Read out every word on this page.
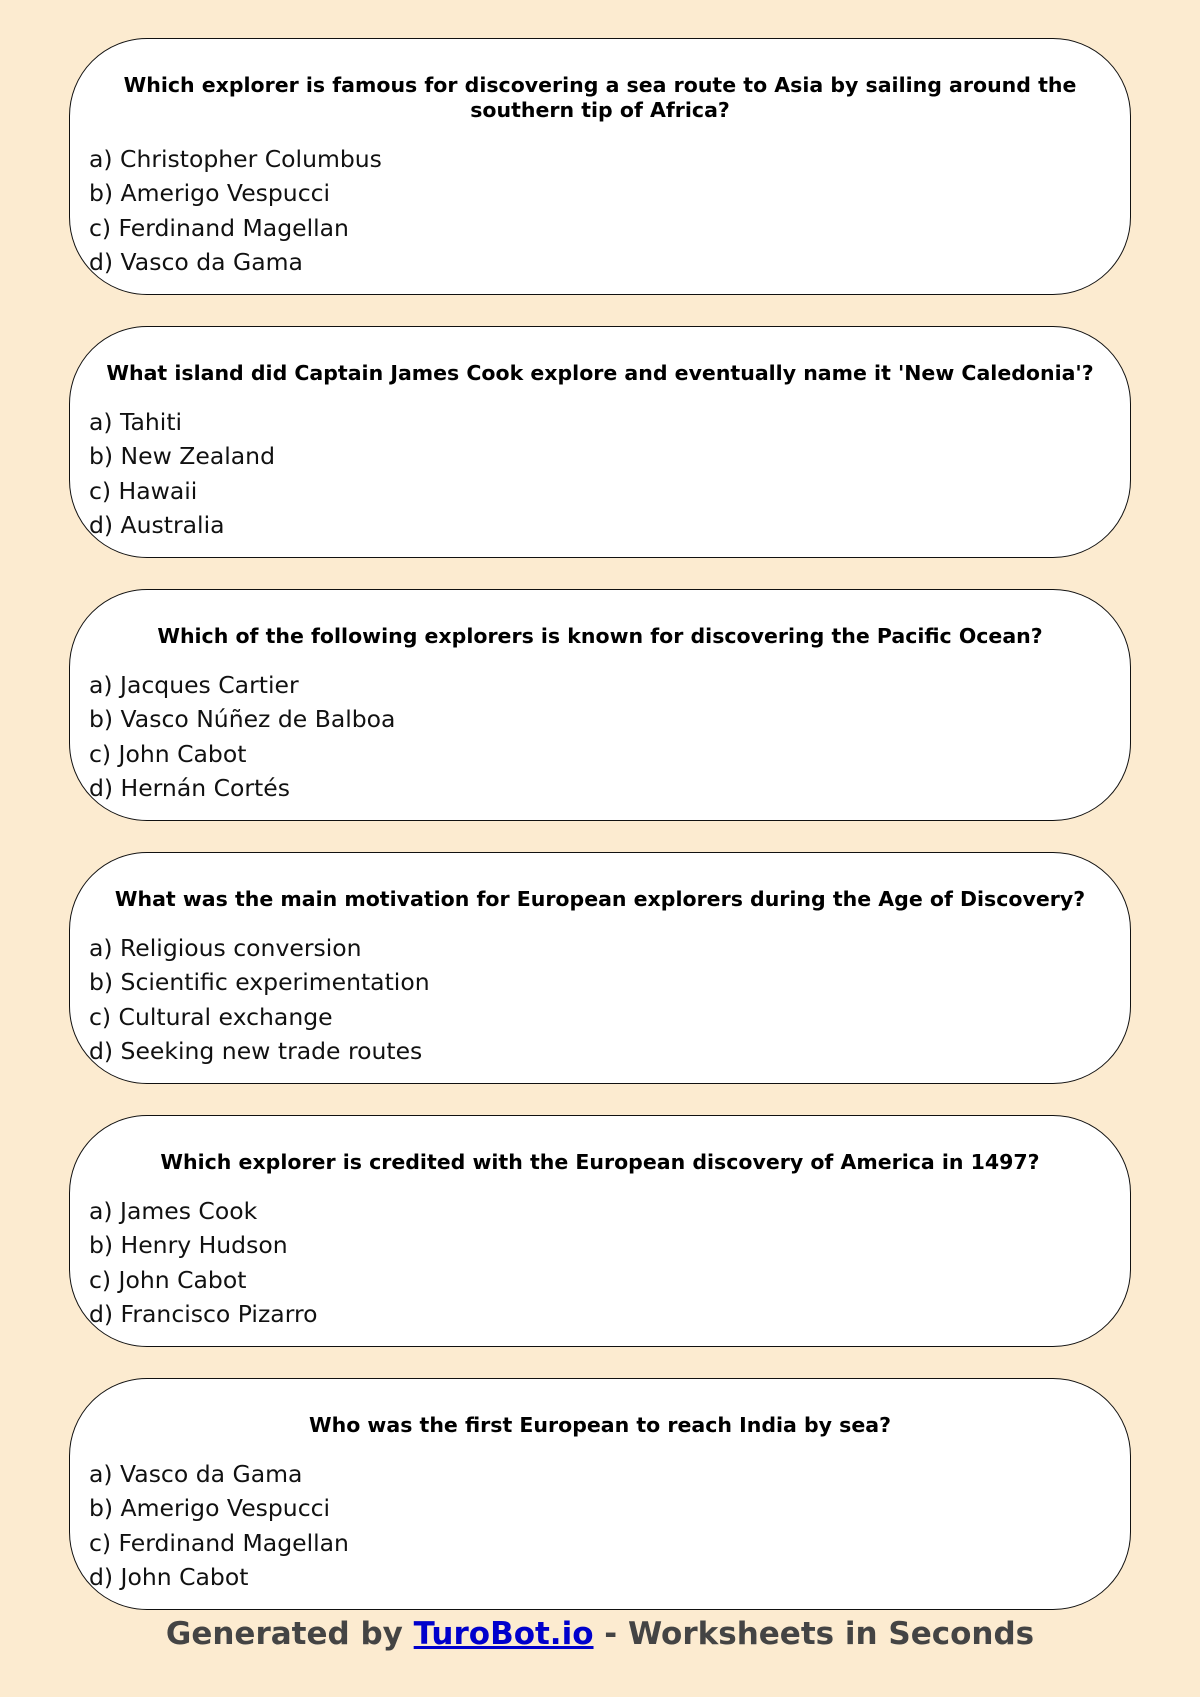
Which explorer is famous for discovering a sea route to Asia by sailing around the southern tip of Africa?
a) Christopher Columbus
b) Amerigo Vespucci
c) Ferdinand Magellan
d) Vasco da Gama
What island did Captain James Cook explore and eventually name it 'New Caledonia'?
a) Tahiti
b) New Zealand
c) Hawaii
d) Australia
Which of the following explorers is known for discovering the Pacific Ocean?
a) Jacques Cartier
b) Vasco Núñez de Balboa
c) John Cabot
d) Hernán Cortés
What was the main motivation for European explorers during the Age of Discovery?
a) Religious conversion
b) Scientific experimentation
c) Cultural exchange
d) Seeking new trade routes
Which explorer is credited with the European discovery of America in 1497?
a) James Cook
b) Henry Hudson
c) John Cabot
d) Francisco Pizarro
Who was the first European to reach India by sea?
a) Vasco da Gama
b) Amerigo Vespucci
c) Ferdinand Magellan
d) John Cabot
Generated by TuroBot.io - Worksheets in Seconds
